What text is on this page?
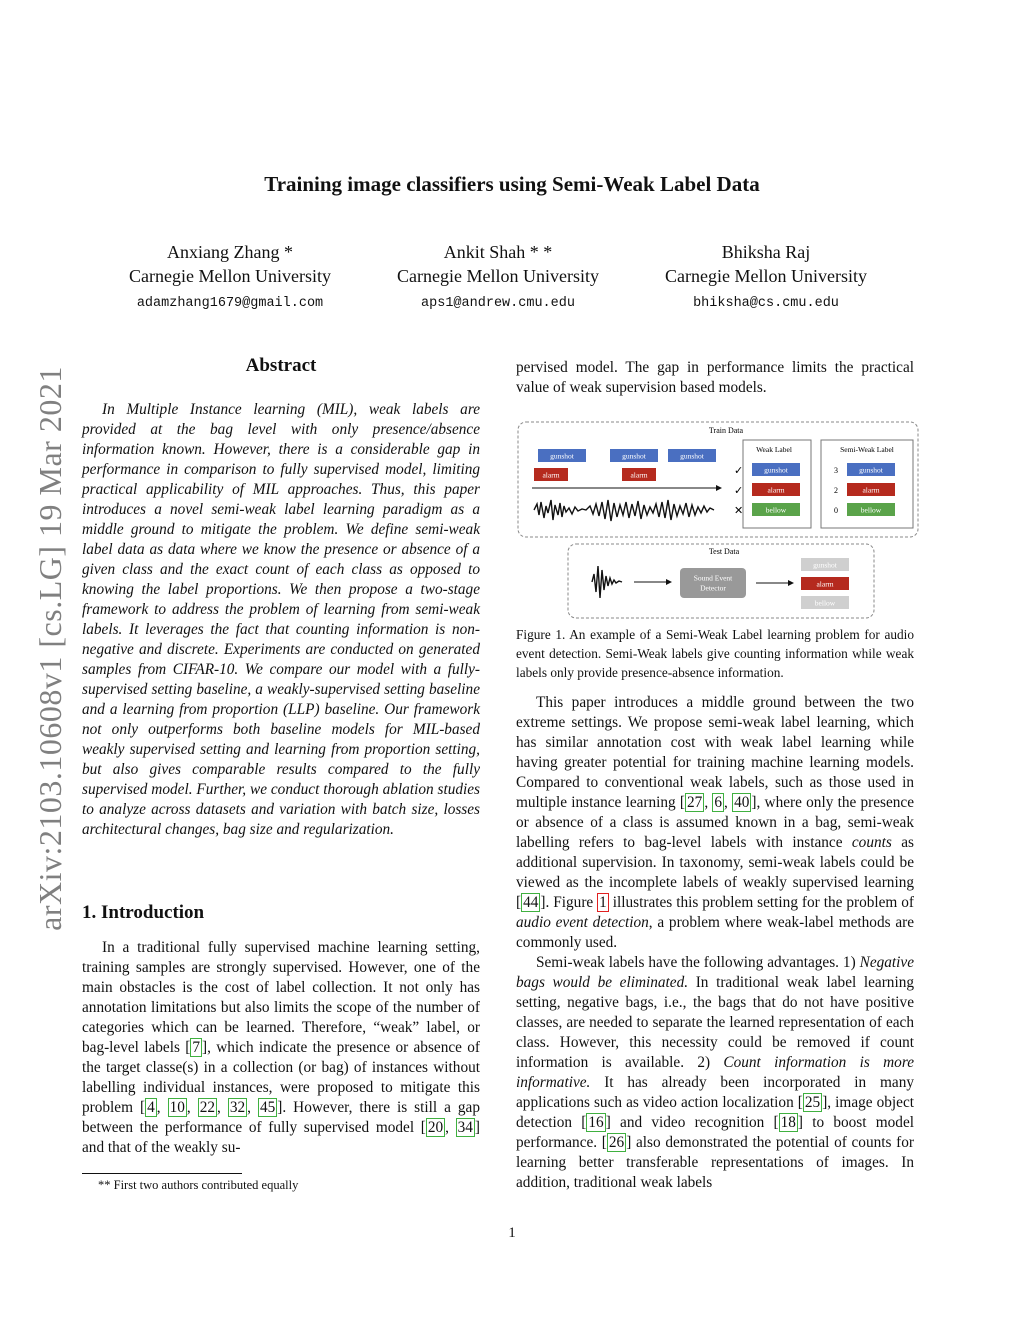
arXiv:2103.10608v1 [cs.LG] 19 Mar 2021
Training image classifiers using Semi-Weak Label Data
Anxiang Zhang *
Carnegie Mellon University
adamzhang1679@gmail.com
Ankit Shah * *
Carnegie Mellon University
aps1@andrew.cmu.edu
Bhiksha Raj
Carnegie Mellon University
bhiksha@cs.cmu.edu
Abstract

In Multiple Instance learning (MIL), weak labels are provided at the bag level with only presence/absence information known. However, there is a considerable gap in performance in comparison to fully supervised model, limiting practical applicability of MIL approaches. Thus, this paper introduces a novel semi-weak label learning paradigm as a middle ground to mitigate the problem. We define semi-weak label data as data where we know the presence or absence of a given class and the exact count of each class as opposed to knowing the label proportions. We then propose a two-stage framework to address the problem of learning from semi-weak labels. It leverages the fact that counting information is non-negative and discrete. Experiments are conducted on generated samples from CIFAR-10. We compare our model with a fully-supervised setting baseline, a weakly-supervised setting baseline and a learning from proportion (LLP) baseline. Our framework not only outperforms both baseline models for MIL-based weakly supervised setting and learning from proportion setting, but also gives comparable results compared to the fully supervised model. Further, we conduct thorough ablation studies to analyze across datasets and variation with batch size, losses architectural changes, bag size and regularization.

1. Introduction

In a traditional fully supervised machine learning setting, training samples are strongly supervised. However, one of the main obstacles is the cost of label collection. It not only has annotation limitations but also limits the scope of the number of categories which can be learned. Therefore, “weak” label, or bag-level labels [ 7 ], which indicate the presence or absence of the target classe(s) in a collection (or bag) of instances without labelling individual instances, were proposed to mitigate this problem [ 4 , 10 , 22 , 32 , 45 ]. However, there is still a gap between the performance of fully supervised model [ 20 , 34 ] and that of the weakly su-

** First two authors contributed equally

pervised model. The gap in performance limits the practical value of weak supervision based models.

Train Data
gunshot	gunshot	gunshot
alarm	alarm
Weak Label
✓	gunshot
✓	alarm
✕	bellow
Semi-Weak Label
3	gunshot
2	alarm
0	bellow
Test Data
Sound Event
Detector
gunshot
alarm
bellow
Figure 1. An example of a Semi-Weak Label learning problem for audio event detection. Semi-Weak labels give counting information while weak labels only provide presence-absence information.

This paper introduces a middle ground between the two extreme settings. We propose semi-weak label learning, which has similar annotation cost with weak label learning while having greater potential for training machine learning models. Compared to conventional weak labels, such as those used in multiple instance learning [ 27 , 6 , 40 ], where only the presence or absence of a class is assumed known in a bag, semi-weak labelling refers to bag-level labels with instance counts as additional supervision. In taxonomy, semi-weak labels could be viewed as the incomplete labels of weakly supervised learning [ 44 ]. Figure 1 illustrates this problem setting for the problem of audio event detection, a problem where weak-label methods are commonly used.

Semi-weak labels have the following advantages. 1) Negative bags would be eliminated. In traditional weak label learning setting, negative bags, i.e., the bags that do not have positive classes, are needed to separate the learned representation of each class. However, this necessity could be removed if count information is available. 2) Count information is more informative. It has already been incorporated in many applications such as video action localization [ 25 ], image object detection [ 16 ] and video recognition [ 18 ] to boost model performance. [ 26 ] also demonstrated the potential of counts for learning better transferable representations of images. In addition, traditional weak labels

1
